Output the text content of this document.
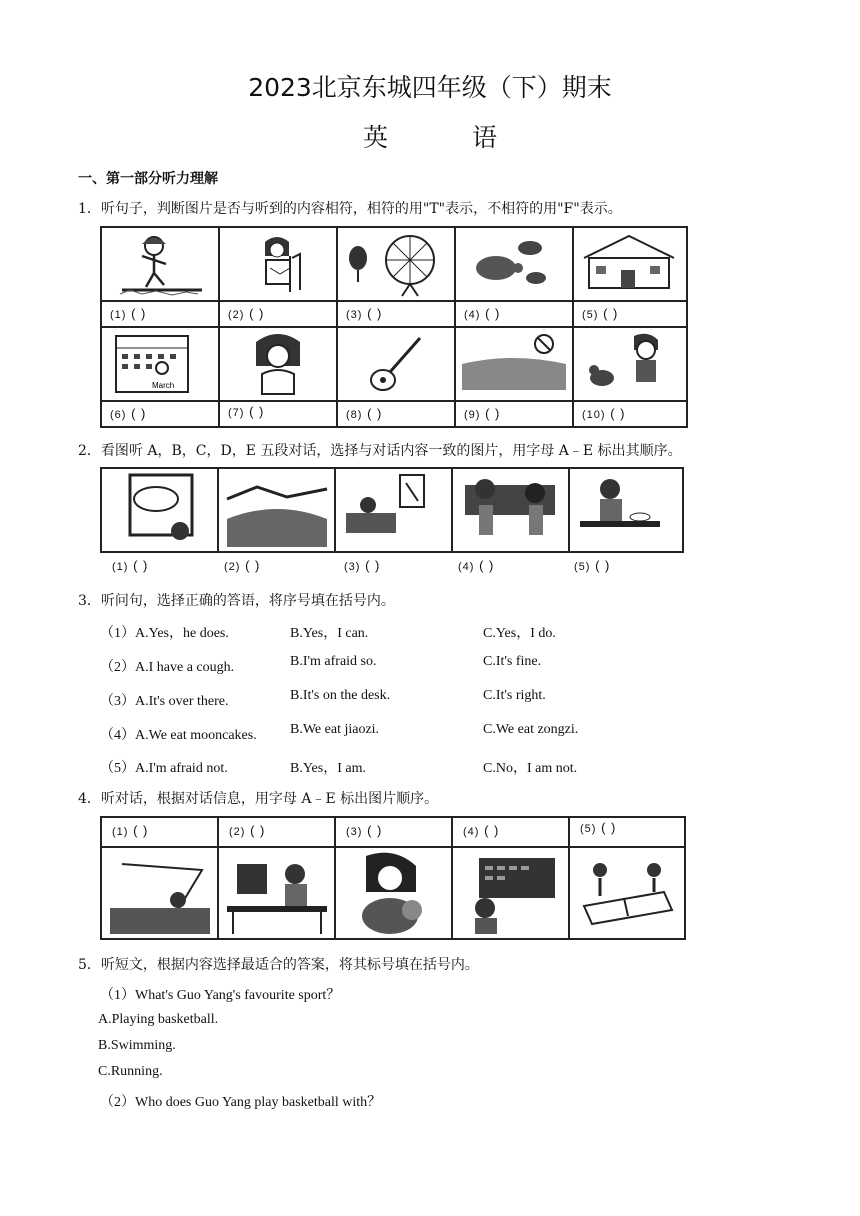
2023北京东城四年级（下）期末
英 语
一、第一部分听力理解
1．听句子，判断图片是否与听到的内容相符，相符的用"T"表示，不相符的用"F"表示。
(1) ( )	(2) ( )	(3) ( )	(4) ( )	(5) ( )
March
(6) ( )	(7) ( )	(8) ( )	(9) ( )	(10) ( )
2．看图听 A，B，C，D，E 五段对话，选择与对话内容一致的图片，用字母 A﹣E 标出其顺序。
(1) ( )	(2) ( )	(3) ( )	(4) ( )	(5) ( )
3．听问句，选择正确的答语，将序号填在括号内。
（1）A.Yes，he does.	B.Yes，I can.	C.Yes，I do.
（2）A.I have a cough.	B.I'm afraid so.	C.It's fine.
（3）A.It's over there.	B.It's on the desk.	C.It's right.
（4）A.We eat mooncakes. B.We eat jiaozi.	C.We eat zongzi.
（5）A.I'm afraid not.	B.Yes，I am.	C.No，I am not.
4．听对话，根据对话信息，用字母 A﹣E 标出图片顺序。
(1) ( )	(2) ( )	(3) ( )	(4) ( )	(5) ( )
5．听短文，根据内容选择最适合的答案，将其标号填在括号内。
（1）What's Guo Yang's favourite sport？
A.Playing basketball.
B.Swimming.
C.Running.
（2）Who does Guo Yang play basketball with？
